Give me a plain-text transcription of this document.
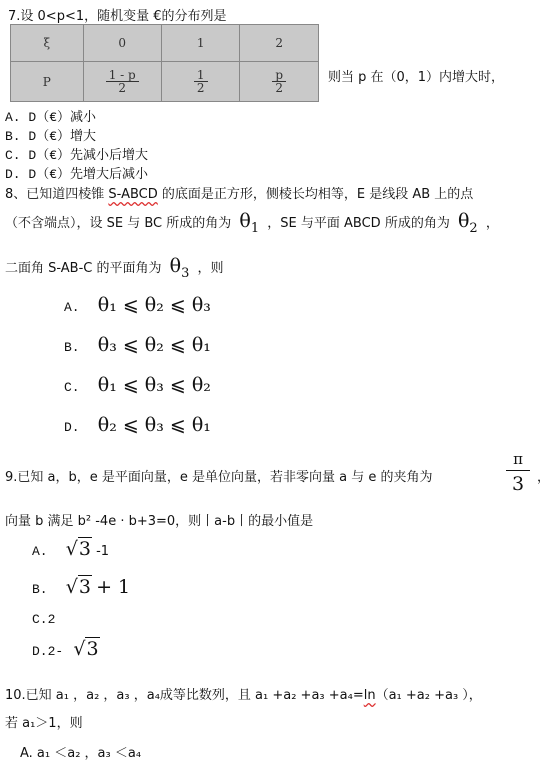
7.设 0<p<1，随机变量 €的分布列是
ξ	0	1	2
P	$\frac{1 - p}{2}$	$\frac{1}{2}$	$\frac{p}{2}$	则当 p 在（0，1）内增大时，
A. D（€）减小
B. D（€）增大
C. D（€）先减小后增大
D. D（€）先增大后减小
8、已知道四棱锥 S-ABCD 的底面是正方形，侧棱长均相等，E 是线段 AB 上的点
（不含端点），设 SE 与 BC 所成的角为 $\theta_1$ ，SE 与平面 ABCD 所成的角为 $\theta_2$ ，
二面角 S-AB-C 的平面角为 $\theta_3$ ，则
A. θ₁ ⩽ θ₂ ⩽ θ₃
B. θ₃ ⩽ θ₂ ⩽ θ₁
C. θ₁ ⩽ θ₃ ⩽ θ₂
D. θ₂ ⩽ θ₃ ⩽ θ₁
9.已知 a，b，e 是平面向量，e 是单位向量，若非零向量 a 与 e 的夹角为
π
3 ，
向量 b 满足 b² -4e · b+3=0，则丨a-b丨的最小值是
A. √3 -1
B. √3 + 1
C.2
D.2- √3
10.已知 a₁ ，a₂ ，a₃ ，a₄成等比数列，且 a₁ +a₂ +a₃ +a₄=ln（a₁ +a₂ +a₃ ），
若 a₁＞1，则
A. a₁ ＜a₂ ，a₃ ＜a₄
